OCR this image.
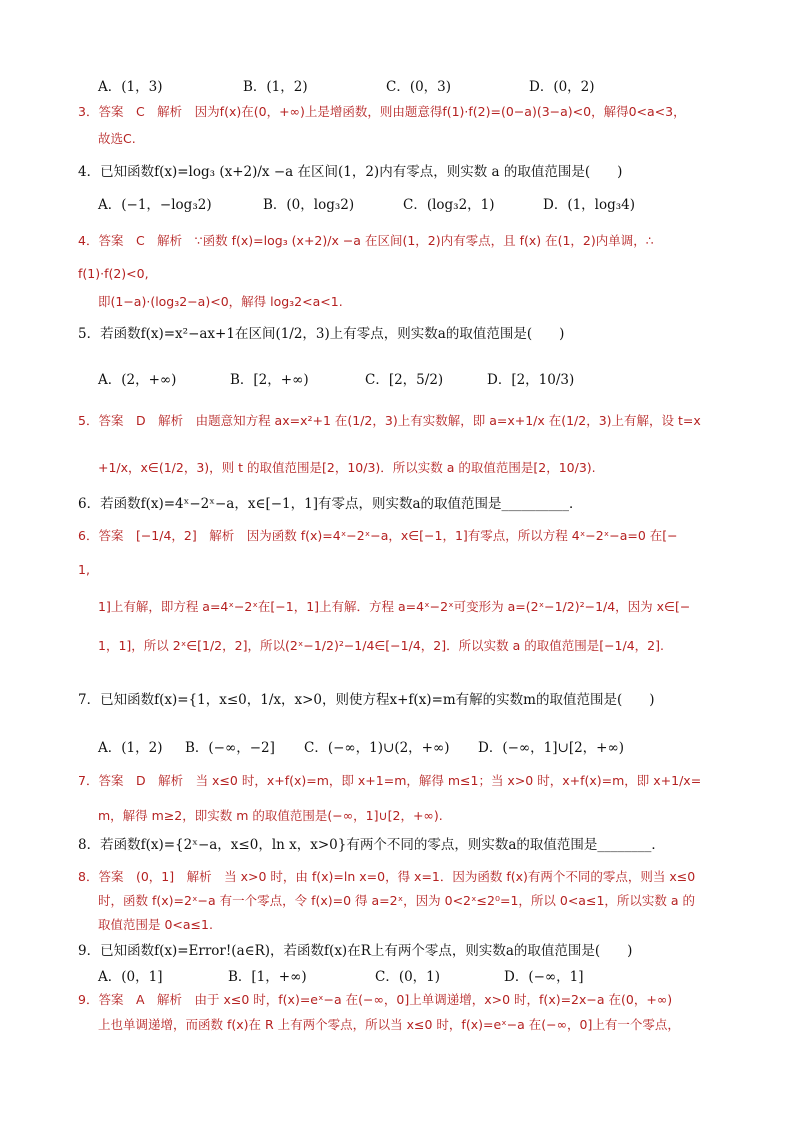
A．(1，3)	B．(1，2)	C．(0，3)	D．(0，2)
3．答案　C　解析　因为f(x)在(0，+∞)上是增函数，则由题意得f(1)·f(2)=(0−a)(3−a)<0，解得0<a<3，
故选C.
4．已知函数f(x)=log₃ (x+2)/x −a 在区间(1，2)内有零点，则实数 a 的取值范围是(　　)
A．(−1，−log₃2)	B．(0，log₃2)	C．(log₃2，1)	D．(1，log₃4)
4．答案　C　解析　∵函数 f(x)=log₃ (x+2)/x −a 在区间(1，2)内有零点，且 f(x) 在(1，2)内单调，∴
f(1)·f(2)<0,
即(1−a)·(log₃2−a)<0，解得 log₃2<a<1.
5．若函数f(x)=x²−ax+1在区间(1/2，3)上有零点，则实数a的取值范围是(　　)
A．(2，+∞)	B．[2，+∞)	C．[2，5/2)	D．[2，10/3)
5．答案　D　解析　由题意知方程 ax=x²+1 在(1/2，3)上有实数解，即 a=x+1/x 在(1/2，3)上有解，设 t=x
+1/x，x∈(1/2，3)，则 t 的取值范围是[2，10/3)．所以实数 a 的取值范围是[2，10/3).
6．若函数f(x)=4ˣ−2ˣ−a，x∈[−1，1]有零点，则实数a的取值范围是__________．
6．答案　[−1/4，2]　解析　因为函数 f(x)=4ˣ−2ˣ−a，x∈[−1，1]有零点，所以方程 4ˣ−2ˣ−a=0 在[−
1,
1]上有解，即方程 a=4ˣ−2ˣ在[−1，1]上有解．方程 a=4ˣ−2ˣ可变形为 a=(2ˣ−1/2)²−1/4，因为 x∈[−
1，1]，所以 2ˣ∈[1/2，2]，所以(2ˣ−1/2)²−1/4∈[−1/4，2]．所以实数 a 的取值范围是[−1/4，2].
7．已知函数f(x)={1，x≤0，1/x，x>0，则使方程x+f(x)=m有解的实数m的取值范围是(　　)
A．(1，2) B．(−∞，−2] C．(−∞，1)∪(2，+∞) D．(−∞，1]∪[2，+∞)
7．答案　D　解析　当 x≤0 时，x+f(x)=m，即 x+1=m，解得 m≤1；当 x>0 时，x+f(x)=m，即 x+1/x=
m，解得 m≥2，即实数 m 的取值范围是(−∞，1]∪[2，+∞).
8．若函数f(x)={2ˣ−a，x≤0，ln x，x>0}有两个不同的零点，则实数a的取值范围是________．
8．答案　(0，1]　解析　当 x>0 时，由 f(x)=ln x=0，得 x=1．因为函数 f(x)有两个不同的零点，则当 x≤0
时，函数 f(x)=2ˣ−a 有一个零点，令 f(x)=0 得 a=2ˣ，因为 0<2ˣ≤2⁰=1，所以 0<a≤1，所以实数 a 的
取值范围是 0<a≤1.
9．已知函数f(x)=Error!(a∈R)，若函数f(x)在R上有两个零点，则实数a的取值范围是(　　)
A．(0，1]	B．[1，+∞)	C．(0，1)	D．(−∞，1]
9．答案　A　解析　由于 x≤0 时，f(x)=eˣ−a 在(−∞，0]上单调递增，x>0 时，f(x)=2x−a 在(0，+∞)
上也单调递增，而函数 f(x)在 R 上有两个零点，所以当 x≤0 时，f(x)=eˣ−a 在(−∞，0]上有一个零点，
